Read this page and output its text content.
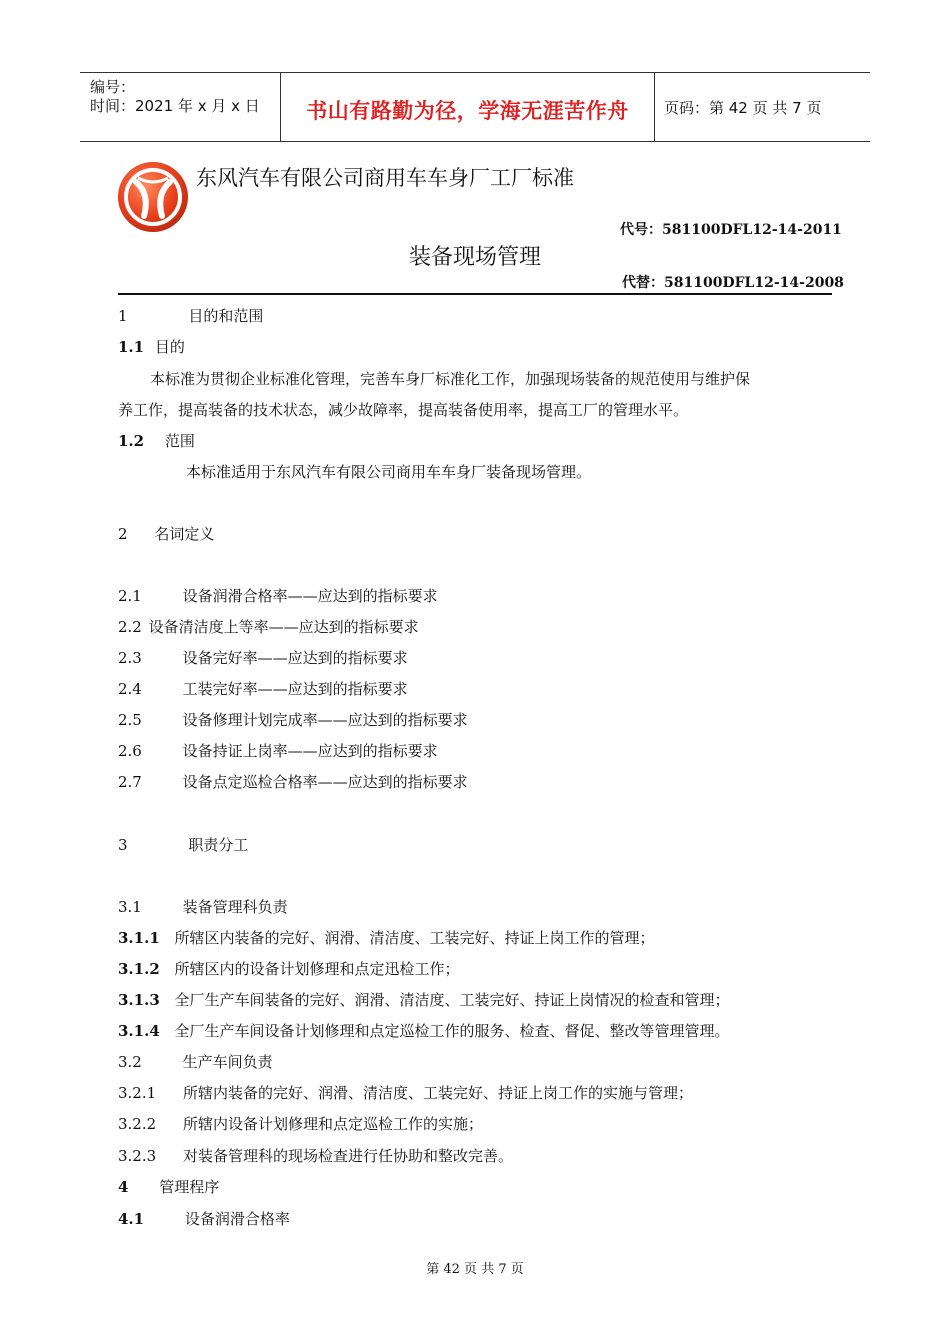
编号：
时间：2021 年 x 月 x 日	书山有路勤为径，学海无涯苦作舟	页码：第 42 页 共 7 页
东风汽车有限公司商用车车身厂工厂标准
代号：581100DFL12-14-2011
装备现场管理
代替：581100DFL12-14-2008
1	目的和范围
1.1 目的
本标准为贯彻企业标准化管理，完善车身厂标准化工作，加强现场装备的规范使用与维护保
养工作，提高装备的技术状态，减少故障率，提高装备使用率，提高工厂的管理水平。
1.2 范围
本标准适用于东风汽车有限公司商用车车身厂装备现场管理。
2 名词定义
2.1	设备润滑合格率——应达到的指标要求
2.2 设备清洁度上等率——应达到的指标要求
2.3	设备完好率——应达到的指标要求
2.4	工装完好率——应达到的指标要求
2.5	设备修理计划完成率——应达到的指标要求
2.6	设备持证上岗率——应达到的指标要求
2.7	设备点定巡检合格率——应达到的指标要求
3	职责分工
3.1	装备管理科负责
3.1.1 所辖区内装备的完好、润滑、清洁度、工装完好、持证上岗工作的管理；
3.1.2 所辖区内的设备计划修理和点定迅检工作；
3.1.3 全厂生产车间装备的完好、润滑、清洁度、工装完好、持证上岗情况的检查和管理；
3.1.4 全厂生产车间设备计划修理和点定巡检工作的服务、检查、督促、整改等管理管理。
3.2	生产车间负责
3.2.1 所辖内装备的完好、润滑、清洁度、工装完好、持证上岗工作的实施与管理；
3.2.2 所辖内设备计划修理和点定巡检工作的实施；
3.2.3 对装备管理科的现场检查进行任协助和整改完善。
4 管理程序
4.1	设备润滑合格率
第 42 页 共 7 页
